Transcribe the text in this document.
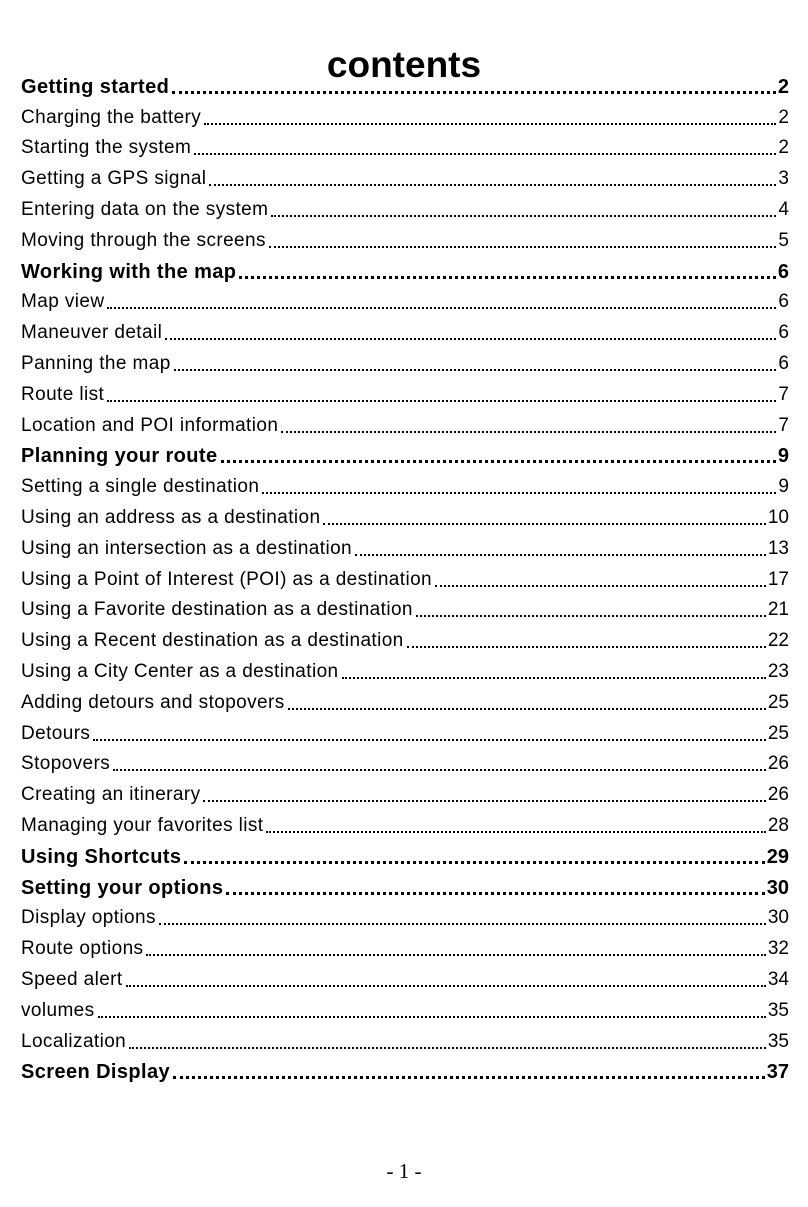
contents
Getting started	2
Charging the battery	2
Starting the system	2
Getting a GPS signal	3
Entering data on the system	4
Moving through the screens	5
Working with the map	6
Map view	6
Maneuver detail	6
Panning the map	6
Route list	7
Location and POI information	7
Planning your route	9
Setting a single destination	9
Using an address as a destination	10
Using an intersection as a destination	13
Using a Point of Interest (POI) as a destination	17
Using a Favorite destination as a destination	21
Using a Recent destination as a destination	22
Using a City Center as a destination	23
Adding detours and stopovers	25
Detours	25
Stopovers	26
Creating an itinerary	26
Managing your favorites list	28
Using Shortcuts	29
Setting your options	30
Display options	30
Route options	32
Speed alert	34
volumes	35
Localization	35
Screen Display	37
- 1 -
